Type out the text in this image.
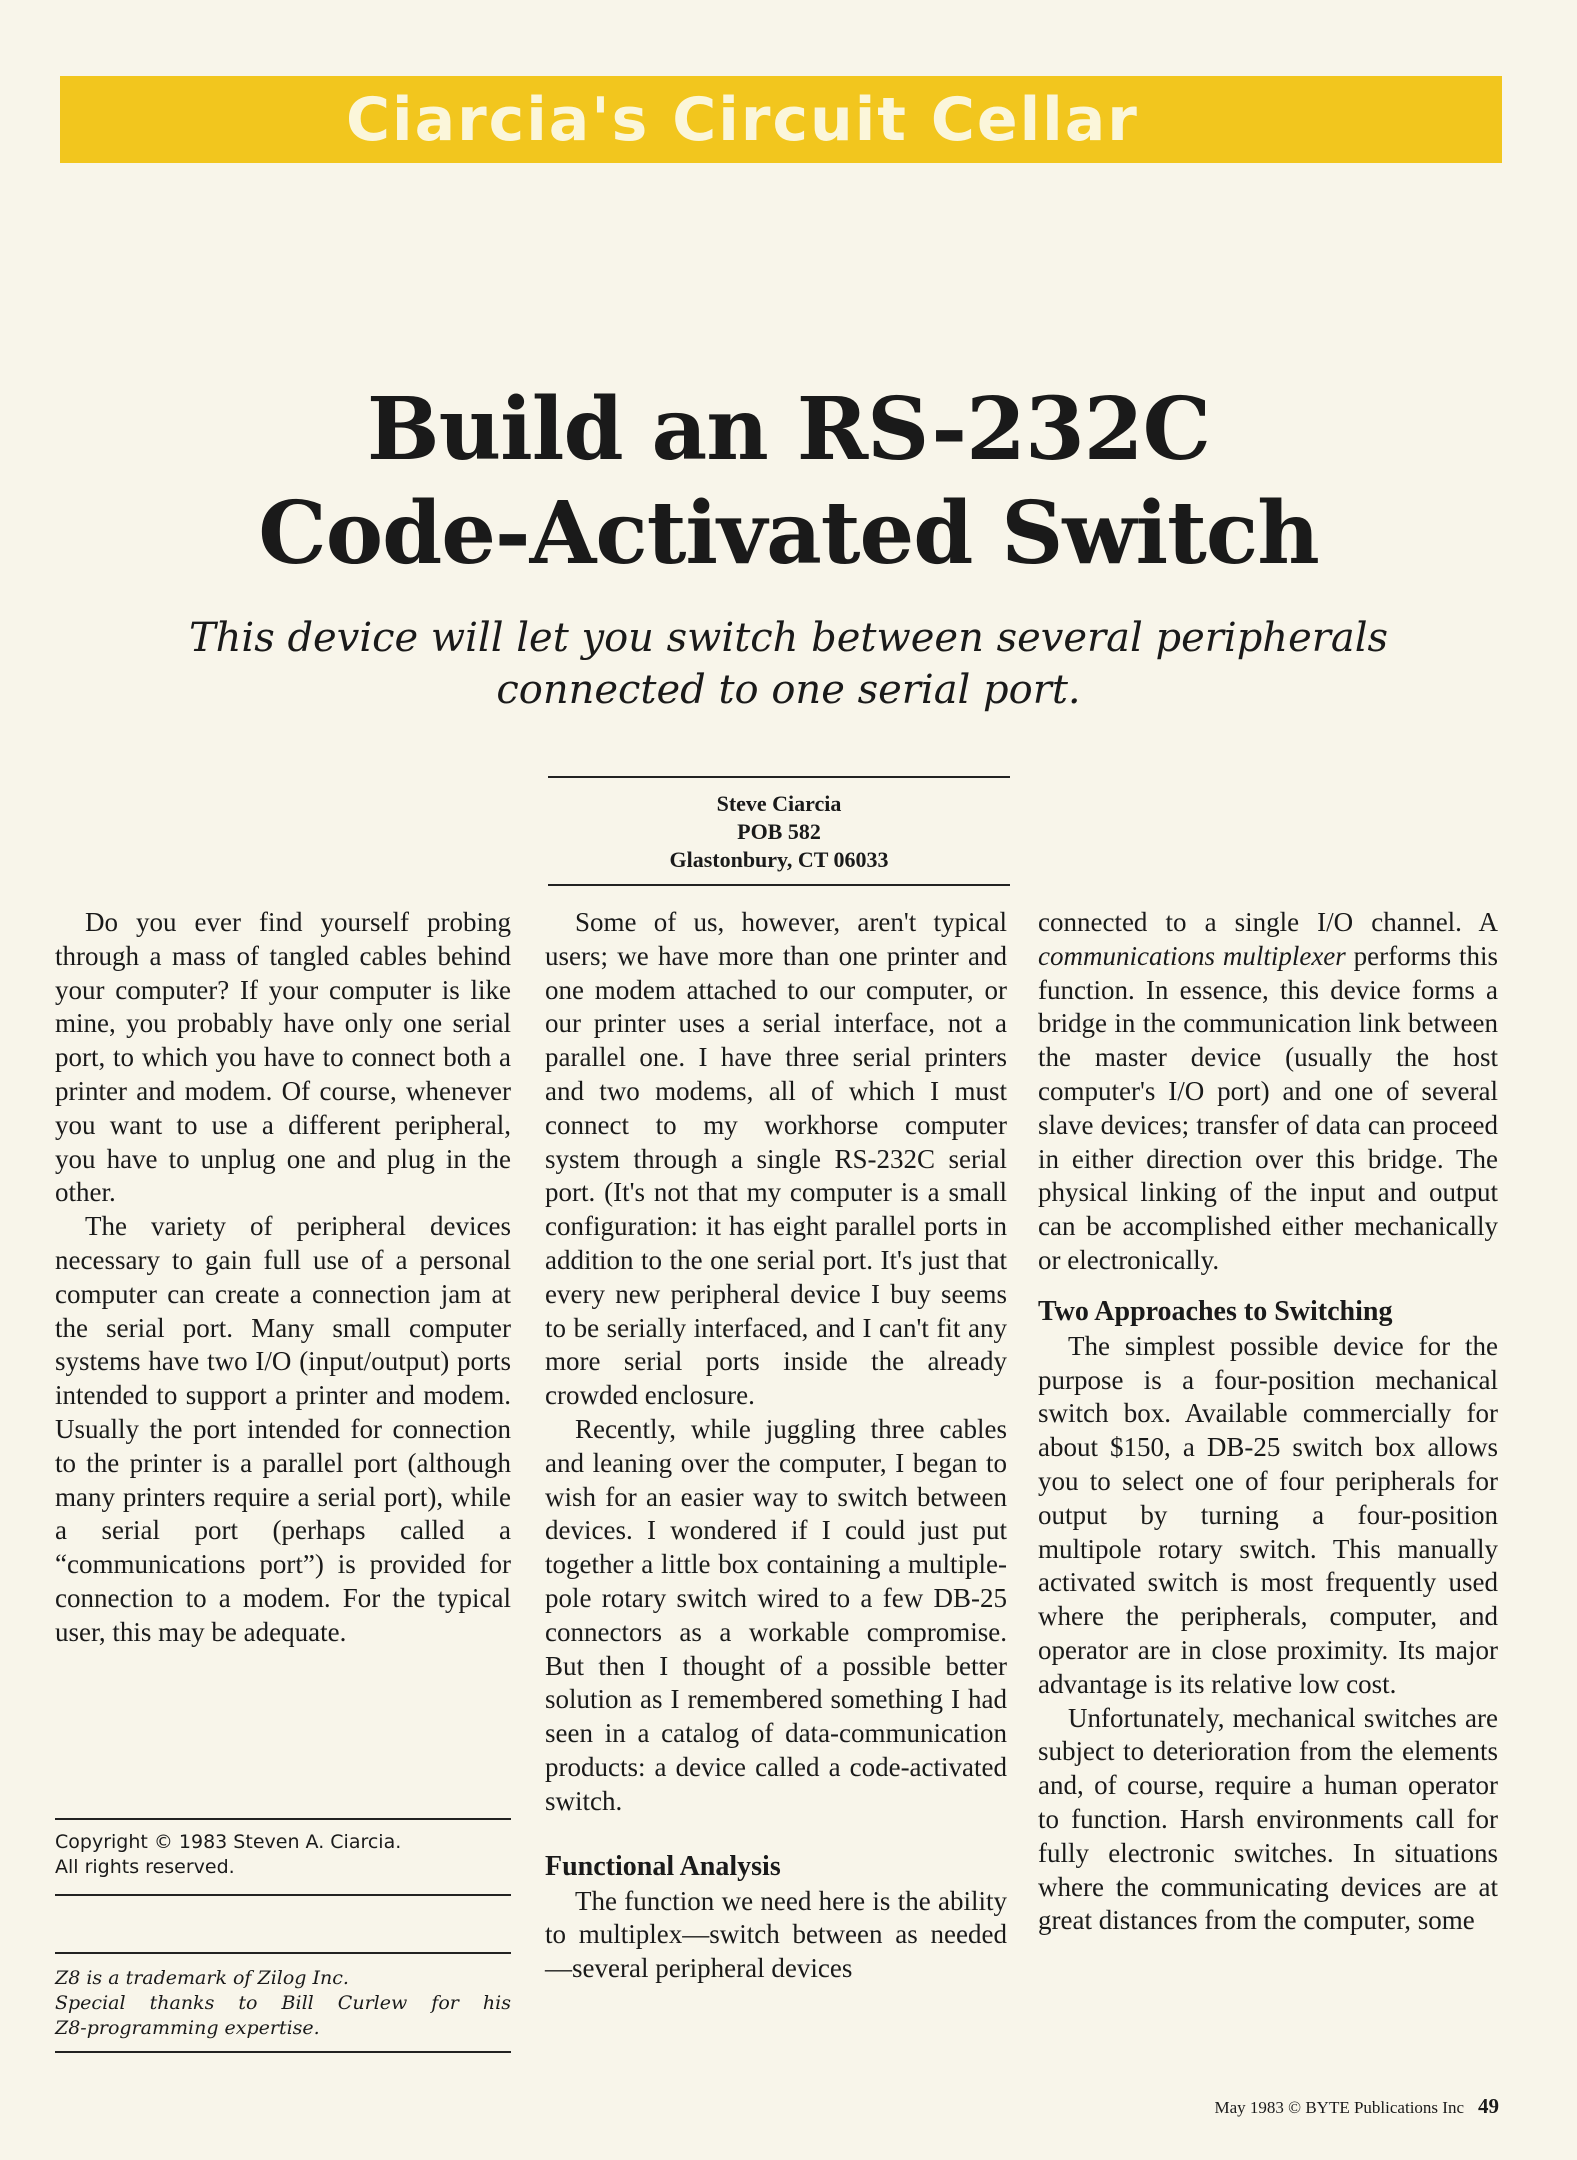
Ciarcia's Circuit Cellar
Build an RS-232C
Code-Activated Switch
This device will let you switch between several peripherals
connected to one serial port.
Steve Ciarcia
POB 582
Glastonbury, CT 06033

Do you ever find yourself probing through a mass of tangled cables behind your computer? If your computer is like mine, you probably have only one serial port, to which you have to connect both a printer and modem. Of course, whenever you want to use a different peripheral, you have to unplug one and plug in the other.

The variety of peripheral devices necessary to gain full use of a personal computer can create a connection jam at the serial port. Many small computer systems have two I/O (input/output) ports intended to support a printer and modem. Usually the port intended for connection to the printer is a parallel port (although many printers require a serial port), while a serial port (perhaps called a “communications port”) is provided for connection to a modem. For the typical user, this may be adequate.

Copyright © 1983 Steven A. Ciarcia.
All rights reserved.
Z8 is a trademark of Zilog Inc.
Special thanks to Bill Curlew for his
Z8-programming expertise.

Some of us, however, aren't typical users; we have more than one printer and one modem attached to our computer, or our printer uses a serial interface, not a parallel one. I have three serial printers and two modems, all of which I must connect to my workhorse computer system through a single RS-232C serial port. (It's not that my computer is a small configuration: it has eight parallel ports in addition to the one serial port. It's just that every new peripheral device I buy seems to be serially interfaced, and I can't fit any more serial ports inside the already crowded enclosure.

Recently, while juggling three cables and leaning over the computer, I began to wish for an easier way to switch between devices. I wondered if I could just put together a little box containing a multiple-pole rotary switch wired to a few DB-25 connectors as a workable compromise. But then I thought of a possible better solution as I remembered something I had seen in a catalog of data-communication products: a device called a code-activated switch.

Functional Analysis

The function we need here is the ability to multiplex—switch between as needed—several peripheral devices

connected to a single I/O channel. A communications multiplexer performs this function. In essence, this device forms a bridge in the communication link between the master device (usually the host computer's I/O port) and one of several slave devices; transfer of data can proceed in either direction over this bridge. The physical linking of the input and output can be accomplished either mechanically or electronically.

Two Approaches to Switching

The simplest possible device for the purpose is a four-position mechanical switch box. Available commercially for about $150, a DB-25 switch box allows you to select one of four peripherals for output by turning a four-position multipole rotary switch. This manually activated switch is most frequently used where the peripherals, computer, and operator are in close proximity. Its major advantage is its relative low cost.

Unfortunately, mechanical switches are subject to deterioration from the elements and, of course, require a human operator to function. Harsh environments call for fully electronic switches. In situations where the communicating devices are at great distances from the computer, some

May 1983 © BYTE Publications Inc 49
